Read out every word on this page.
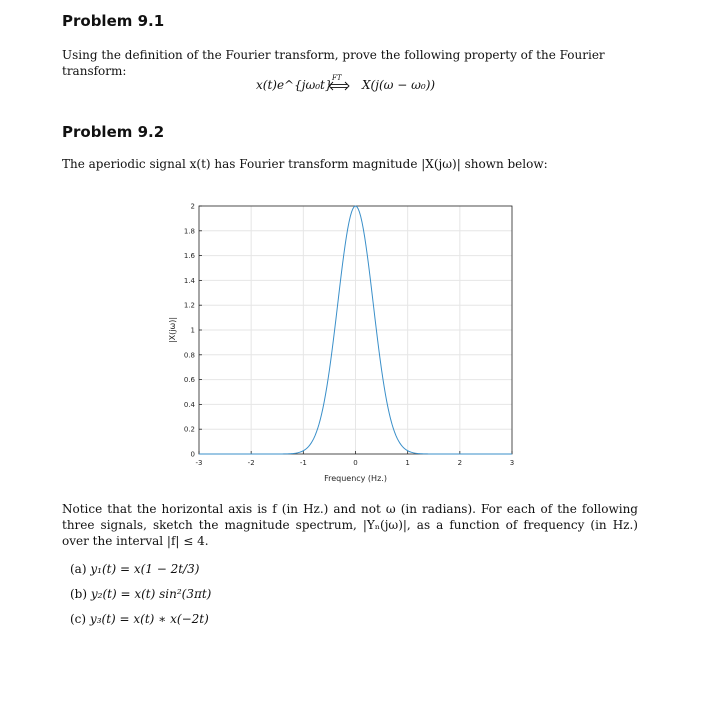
Problem 9.1
Using the definition of the Fourier transform, prove the following property of the Fourier transform:
x(t)e^{jω₀t} FT X(j(ω − ω₀))
Problem 9.2
The aperiodic signal x(t) has Fourier transform magnitude |X(jω)| shown below:
-3	-2	-1	0	1	2	3
0
0.2
0.4
0.6
0.8
1
1.2
1.4
1.6
1.8
2
Frequency (Hz.)
|X(jω)|
Notice that the horizontal axis is f (in Hz.) and not ω (in radians). For each of the following three signals, sketch the magnitude spectrum, |Yₙ(jω)|, as a function of frequency (in Hz.) over the interval |f| ≤ 4.
(a) y₁(t) = x(1 − 2t/3)
(b) y₂(t) = x(t) sin²(3πt)
(c) y₃(t) = x(t) ∗ x(−2t)
